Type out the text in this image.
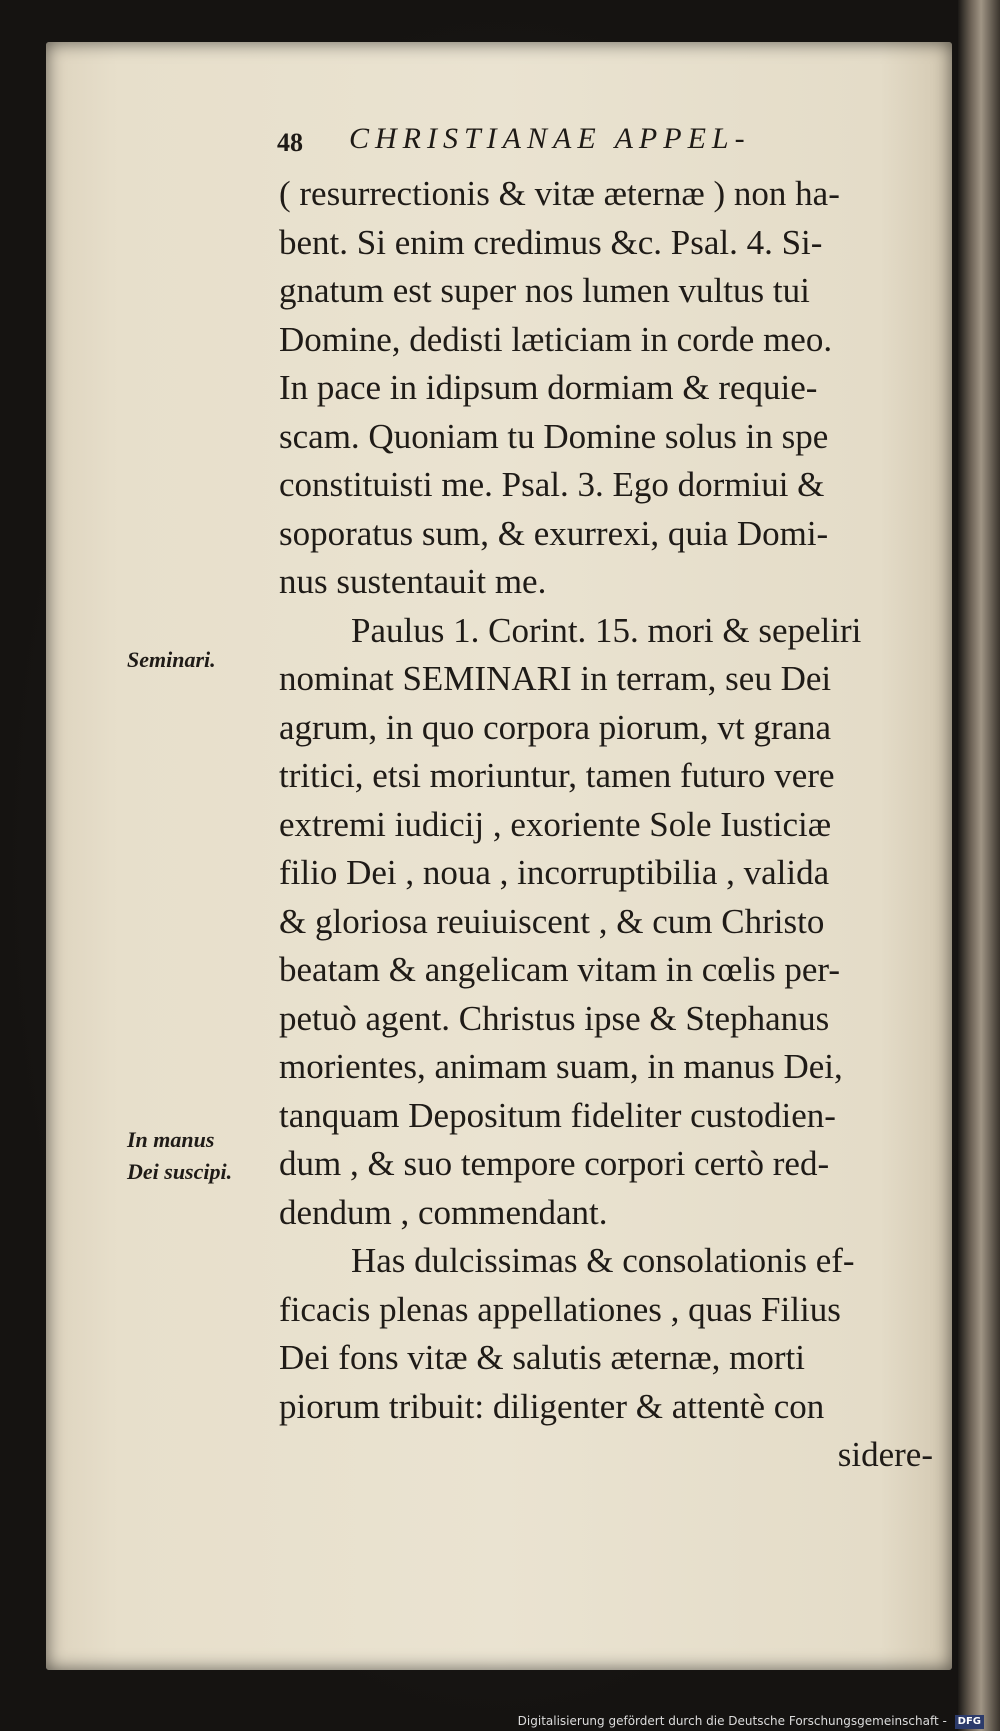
48 CHRISTIANAE APPEL-
Seminari.
In manus
Dei suscipi.
( resurrectionis & vitæ æternæ ) non ha-
bent. Si enim credimus &c. Psal. 4. Si-
gnatum est super nos lumen vultus tui
Domine, dedisti læticiam in corde meo.
In pace in idipsum dormiam & requie-
scam. Quoniam tu Domine solus in spe
constituisti me. Psal. 3. Ego dormiui &
soporatus sum, & exurrexi, quia Domi-
nus sustentauit me.
Paulus 1. Corint. 15. mori & sepeliri
nominat SEMINARI in terram, seu Dei
agrum, in quo corpora piorum, vt grana
tritici, etsi moriuntur, tamen futuro vere
extremi iudicij , exoriente Sole Iusticiæ
filio Dei , noua , incorruptibilia , valida
& gloriosa reuiuiscent , & cum Christo
beatam & angelicam vitam in cœlis per-
petuò agent. Christus ipse & Stephanus
morientes, animam suam, in manus Dei,
tanquam Depositum fideliter custodien-
dum , & suo tempore corpori certò red-
dendum , commendant.
Has dulcissimas & consolationis ef-
ficacis plenas appellationes , quas Filius
Dei fons vitæ & salutis æternæ, morti
piorum tribuit: diligenter & attentè con
sidere-
Digitalisierung gefördert durch die Deutsche Forschungsgemeinschaft - DFG
